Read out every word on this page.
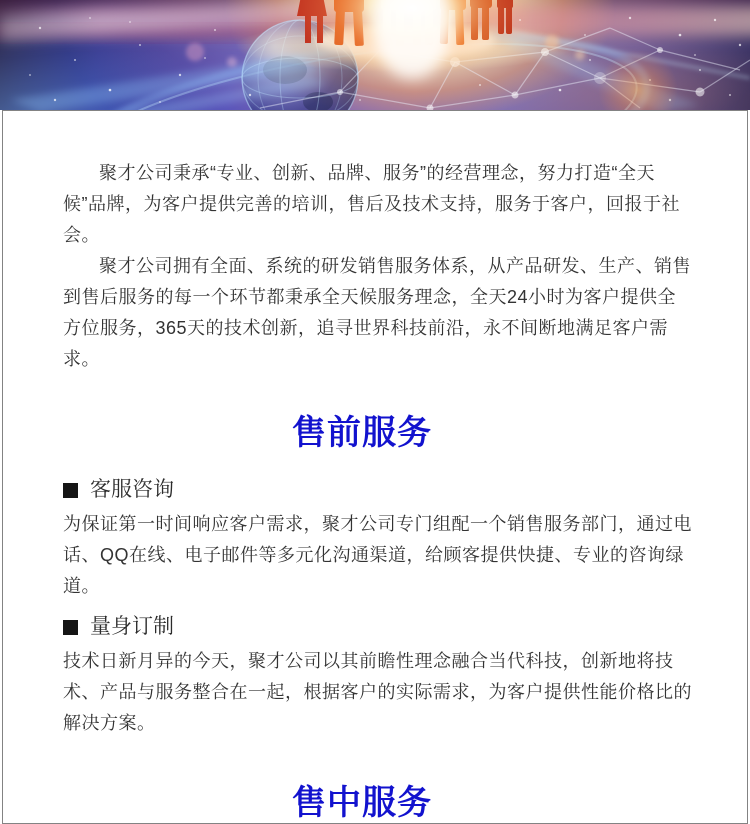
聚才公司秉承“专业、创新、品牌、服务”的经营理念，努力打造“全天候”品牌，为客户提供完善的培训，售后及技术支持，服务于客户，回报于社会。

聚才公司拥有全面、系统的研发销售服务体系，从产品研发、生产、销售到售后服务的每一个环节都秉承全天候服务理念，全天24小时为客户提供全方位服务，365天的技术创新，追寻世界科技前沿，永不间断地满足客户需求。

售前服务
客服咨询

为保证第一时间响应客户需求，聚才公司专门组配一个销售服务部门，通过电话、QQ在线、电子邮件等多元化沟通渠道，给顾客提供快捷、专业的咨询绿道。

量身订制

技术日新月异的今天，聚才公司以其前瞻性理念融合当代科技，创新地将技术、产品与服务整合在一起，根据客户的实际需求，为客户提供性能价格比的解决方案。

售中服务
